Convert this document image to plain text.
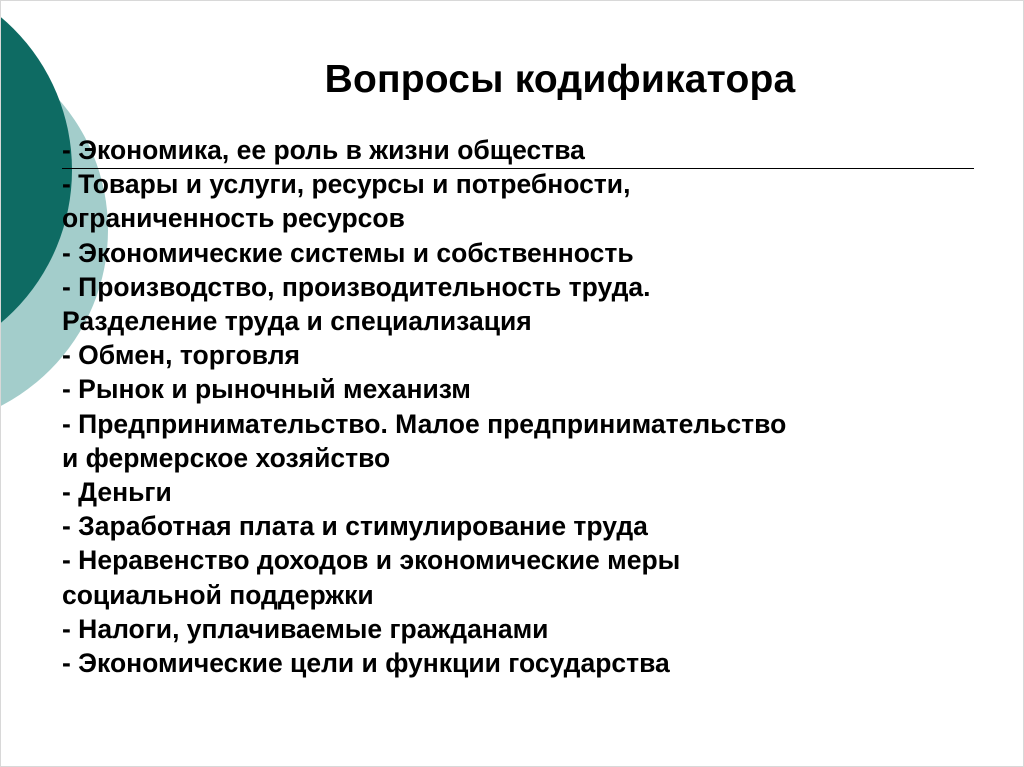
Вопросы кодификатора
- Экономика, ее роль в жизни общества
- Товары и услуги, ресурсы и потребности,
ограниченность ресурсов
- Экономические системы и собственность
- Производство, производительность труда.
Разделение труда и специализация
- Обмен, торговля
- Рынок и рыночный механизм
- Предпринимательство. Малое предпринимательство
и фермерское хозяйство
- Деньги
- Заработная плата и стимулирование труда
- Неравенство доходов и экономические меры
социальной поддержки
- Налоги, уплачиваемые гражданами
- Экономические цели и функции государства
